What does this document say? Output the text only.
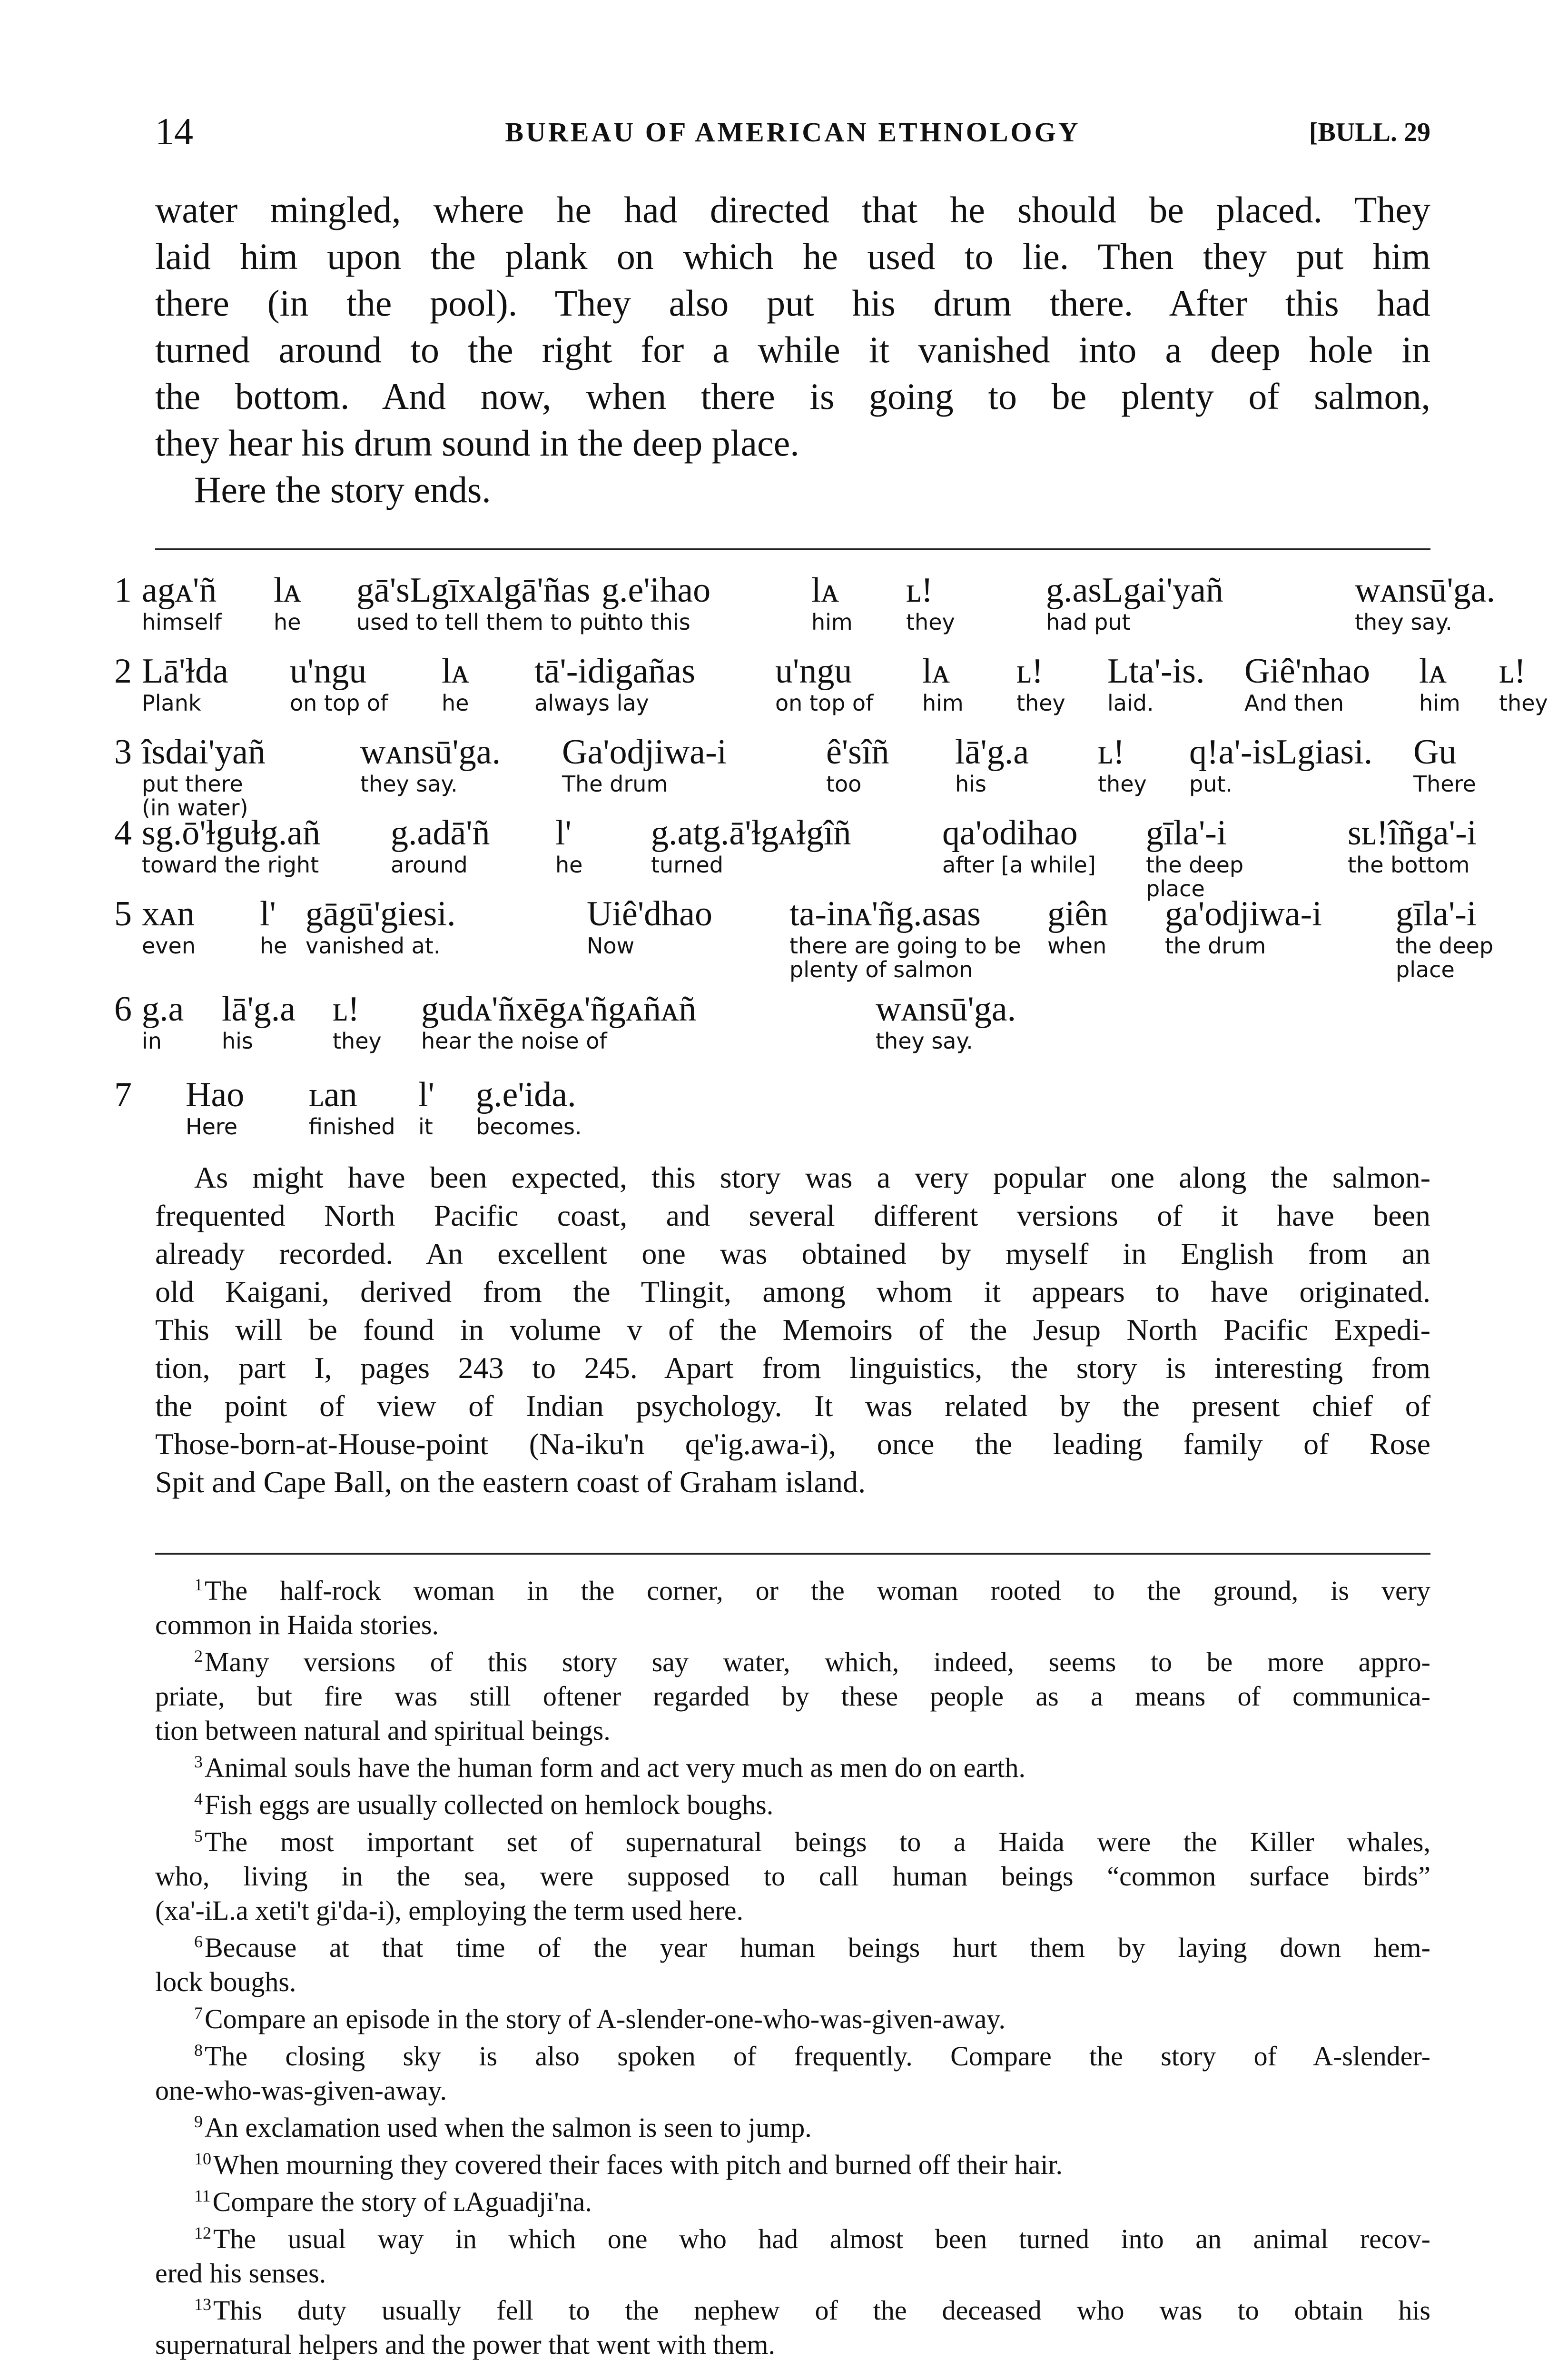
14	BUREAU OF AMERICAN ETHNOLOGY	[BULL. 29
water mingled, where he had directed that he should be placed. They
laid him upon the plank on which he used to lie. Then they put him
there (in the pool). They also put his drum there. After this had
turned around to the right for a while it vanished into a deep hole in
the bottom. And now, when there is going to be plenty of salmon,
they hear his drum sound in the deep place.
Here the story ends.
1 agᴀ'ñ
himself
lᴀ
he
gā'sLgīxᴀlgā'ñas
used to tell them to put
g.e'ihao
into this
lᴀ
him
ʟ!
they
g.asLgai'yañ
had put
wᴀnsū'ga.
they say.
2 Lā'ɫda
Plank
u'ngu
on top of
lᴀ
he
tā'-idigañas
always lay
u'ngu
on top of
lᴀ
him
ʟ!
they
Lta'-is.
laid.
Giê'nhao
And then
lᴀ
him
ʟ!
they
3 îsdai'yañ
put there
(in water)
wᴀnsū'ga.
they say.
Ga'odjiwa-i
The drum
ê'sîñ
too
lā'g.a
his
ʟ!
they
q!a'-isLgiasi.
put.
Gu
There
4 sg.ō'ɫguɫg.añ
toward the right
g.adā'ñ
around
l'
he
g.atg.ā'ɫgᴀɫgîñ
turned
qa'odihao
after [a while]
gīla'-i
the deep
place
sʟ!îñga'-i
the bottom
5 xᴀn
even
l'
he
gāgū'giesi.
vanished at.
Uiê'dhao
Now
ta-inᴀ'ñg.asas
there are going to be
plenty of salmon
giên
when
ga'odjiwa-i
the drum
gīla'-i
the deep
place
6 g.a
in
lā'g.a
his
ʟ!
they
gudᴀ'ñxēgᴀ'ñgᴀñᴀñ
hear the noise of
wᴀnsū'ga.
they say.
7 Hao
Here
ʟan
finished
l'
it
g.e'ida.
becomes.
As might have been expected, this story was a very popular one along the salmon-
frequented North Pacific coast, and several different versions of it have been
already recorded. An excellent one was obtained by myself in English from an
old Kaigani, derived from the Tlingit, among whom it appears to have originated.
This will be found in volume v of the Memoirs of the Jesup North Pacific Expedi-
tion, part I, pages 243 to 245. Apart from linguistics, the story is interesting from
the point of view of Indian psychology. It was related by the present chief of
Those-born-at-House-point (Na-iku'n qe'ig.awa-i), once the leading family of Rose
Spit and Cape Ball, on the eastern coast of Graham island.
$^1$The half-rock woman in the corner, or the woman rooted to the ground, is very
common in Haida stories.
$^2$Many versions of this story say water, which, indeed, seems to be more appro-
priate, but fire was still oftener regarded by these people as a means of communica-
tion between natural and spiritual beings.
$^3$Animal souls have the human form and act very much as men do on earth.
$^4$Fish eggs are usually collected on hemlock boughs.
$^5$The most important set of supernatural beings to a Haida were the Killer whales,
who, living in the sea, were supposed to call human beings “common surface birds”
(xa'-iL.a xeti't gi'da-i), employing the term used here.
$^6$Because at that time of the year human beings hurt them by laying down hem-
lock boughs.
$^7$Compare an episode in the story of A-slender-one-who-was-given-away.
$^8$The closing sky is also spoken of frequently. Compare the story of A-slender-
one-who-was-given-away.
$^9$An exclamation used when the salmon is seen to jump.
$^{10}$When mourning they covered their faces with pitch and burned off their hair.
$^{11}$Compare the story of ʟAguadji'na.
$^{12}$The usual way in which one who had almost been turned into an animal recov-
ered his senses.
$^{13}$This duty usually fell to the nephew of the deceased who was to obtain his
supernatural helpers and the power that went with them.
